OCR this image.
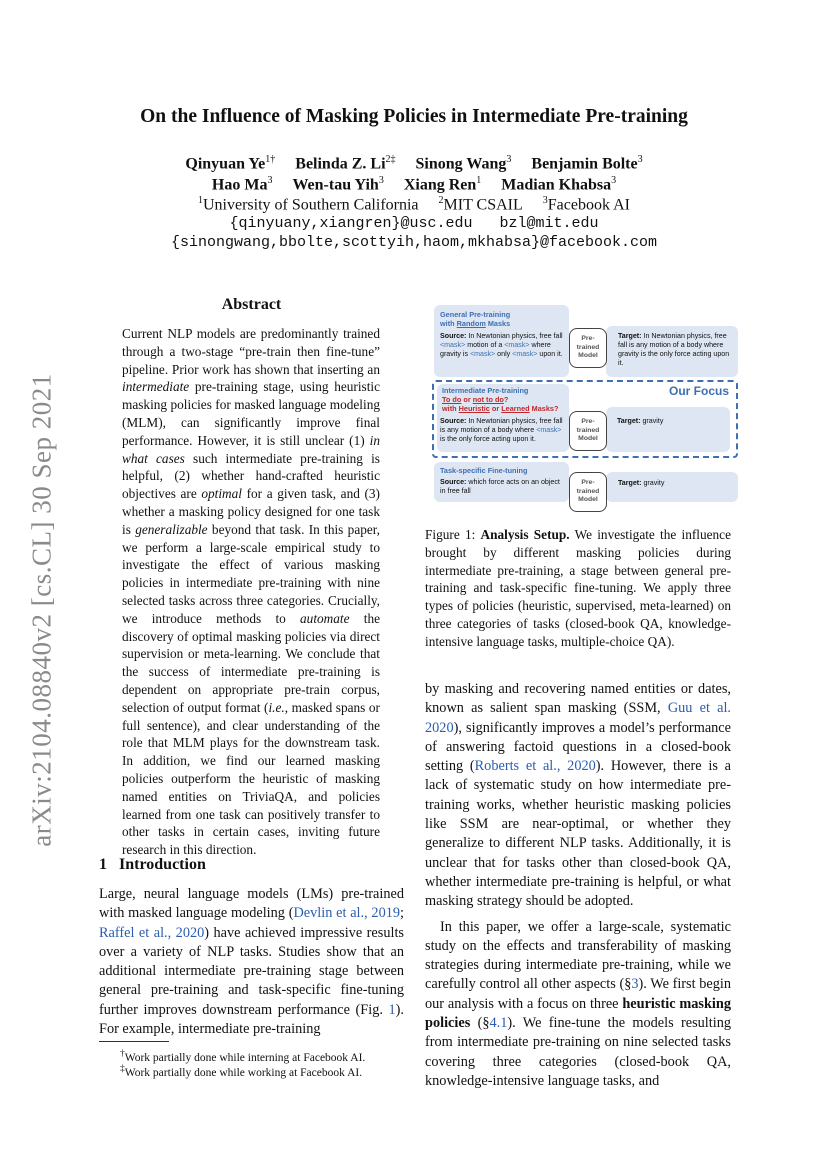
arXiv:2104.08840v2 [cs.CL] 30 Sep 2021
On the Influence of Masking Policies in Intermediate Pre-training
Qinyuan $Ye^{1\dagger}$ Belinda Z. $Li^{2\ddagger}$ Sinong Wang$^3$ Benjamin Bolte$^3$
Hao Ma$^3$ Wen-tau Yih$^3$ Xiang Ren$^1$ Madian Khabsa$^3$
$^1$University of Southern California $^2$MIT CSAIL $^3$Facebook AI
{qinyuany,xiangren}@usc.edu bzl@mit.edu
{sinongwang,bbolte,scottyih,haom,mkhabsa}@facebook.com
Abstract
Current NLP models are predominantly trained through a two-stage “pre-train then fine-tune” pipeline. Prior work has shown that inserting an intermediate pre-training stage, using heuristic masking policies for masked language modeling (MLM), can significantly improve final performance. However, it is still unclear (1) in what cases such intermediate pre-training is helpful, (2) whether hand-crafted heuristic objectives are optimal for a given task, and (3) whether a masking policy designed for one task is generalizable beyond that task. In this paper, we perform a large-scale empirical study to investigate the effect of various masking policies in intermediate pre-training with nine selected tasks across three categories. Crucially, we introduce methods to automate the discovery of optimal masking policies via direct supervision or meta-learning. We conclude that the success of intermediate pre-training is dependent on appropriate pre-train corpus, selection of output format (i.e., masked spans or full sentence), and clear understanding of the role that MLM plays for the downstream task. In addition, we find our learned masking policies outperform the heuristic of masking named entities on TriviaQA, and policies learned from one task can positively transfer to other tasks in certain cases, inviting future research in this direction.
1 Introduction
Large, neural language models (LMs) pre-trained with masked language modeling (Devlin et al., 2019; Raffel et al., 2020) have achieved impressive results over a variety of NLP tasks. Studies show that an additional intermediate pre-training stage between general pre-training and task-specific fine-tuning further improves downstream performance (Fig. 1). For example, intermediate pre-training
†Work partially done while interning at Facebook AI.
‡Work partially done while working at Facebook AI.
General Pre-training
with Random Masks
Source: In Newtonian physics, free fall <mask> motion of a <mask> where gravity is <mask> only <mask> upon it.
Pre-
trained
Model
Target: In Newtonian physics, free fall is any motion of a body where gravity is the only force acting upon it.
Intermediate Pre-training
To do or not to do?
with Heuristic or Learned Masks?
Our Focus
Source: In Newtonian physics, free fall is any motion of a body where <mask> is the only force acting upon it.
Pre-
trained
Model
Target: gravity
Task-specific Fine-tuning
Source: which force acts on an object in free fall
Pre-
trained
Model
Target: gravity
Figure 1: Analysis Setup. We investigate the influence brought by different masking policies during intermediate pre-training, a stage between general pre-training and task-specific fine-tuning. We apply three types of policies (heuristic, supervised, meta-learned) on three categories of tasks (closed-book QA, knowledge-intensive language tasks, multiple-choice QA).

by masking and recovering named entities or dates, known as salient span masking (SSM, Guu et al. 2020), significantly improves a model’s performance of answering factoid questions in a closed-book setting (Roberts et al., 2020). However, there is a lack of systematic study on how intermediate pre-training works, whether heuristic masking policies like SSM are near-optimal, or whether they generalize to different NLP tasks. Additionally, it is unclear that for tasks other than closed-book QA, whether intermediate pre-training is helpful, or what masking strategy should be adopted.

In this paper, we offer a large-scale, systematic study on the effects and transferability of masking strategies during intermediate pre-training, while we carefully control all other aspects (§3). We first begin our analysis with a focus on three heuristic masking policies (§4.1). We fine-tune the models resulting from intermediate pre-training on nine selected tasks covering three categories (closed-book QA, knowledge-intensive language tasks, and
